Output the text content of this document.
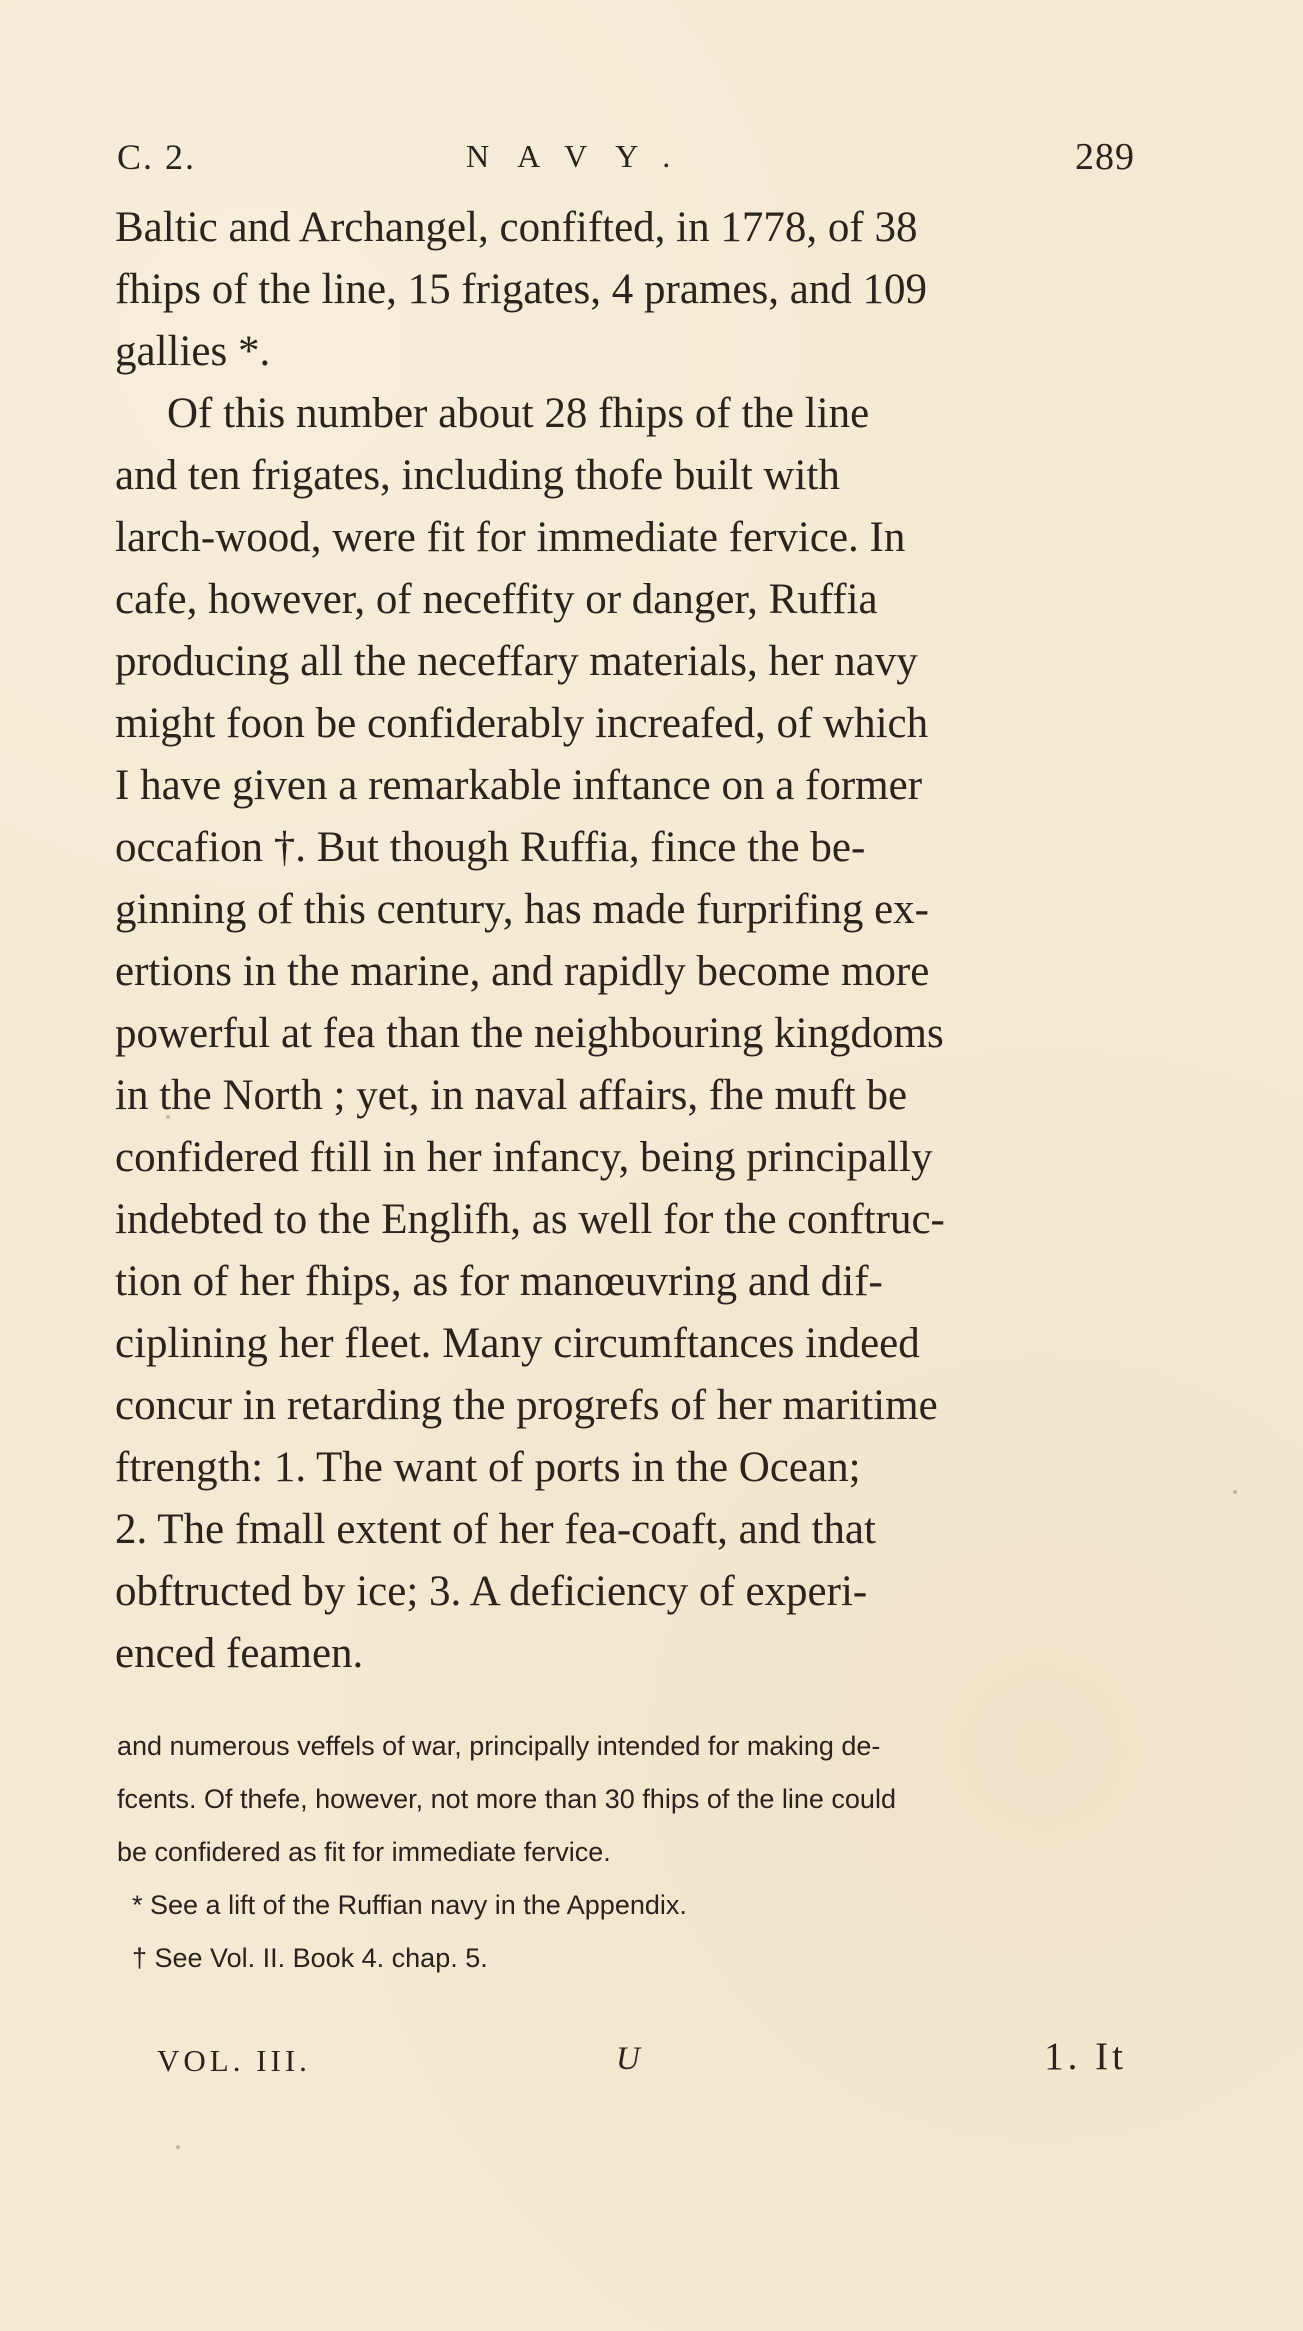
C. 2.	NAVY.	289
Baltic and Archangel, confifted, in 1778, of 38
fhips of the line, 15 frigates, 4 prames, and 109
gallies *.
Of this number about 28 fhips of the line
and ten frigates, including thofe built with
larch-wood, were fit for immediate fervice. In
cafe, however, of neceffity or danger, Ruffia
producing all the neceffary materials, her navy
might foon be confiderably increafed, of which
I have given a remarkable inftance on a former
occafion †. But though Ruffia, fince the be-
ginning of this century, has made furprifing ex-
ertions in the marine, and rapidly become more
powerful at fea than the neighbouring kingdoms
in the North ; yet, in naval affairs, fhe muft be
confidered ftill in her infancy, being principally
indebted to the Englifh, as well for the conftruc-
tion of her fhips, as for manœuvring and dif-
ciplining her fleet. Many circumftances indeed
concur in retarding the progrefs of her maritime
ftrength: 1. The want of ports in the Ocean;
2. The fmall extent of her fea-coaft, and that
obftructed by ice; 3. A deficiency of experi-
enced feamen.
and numerous veffels of war, principally intended for making de-
fcents. Of thefe, however, not more than 30 fhips of the line could
be confidered as fit for immediate fervice.
* See a lift of the Ruffian navy in the Appendix.
† See Vol. II. Book 4. chap. 5.
VOL. III.	U	1. It
